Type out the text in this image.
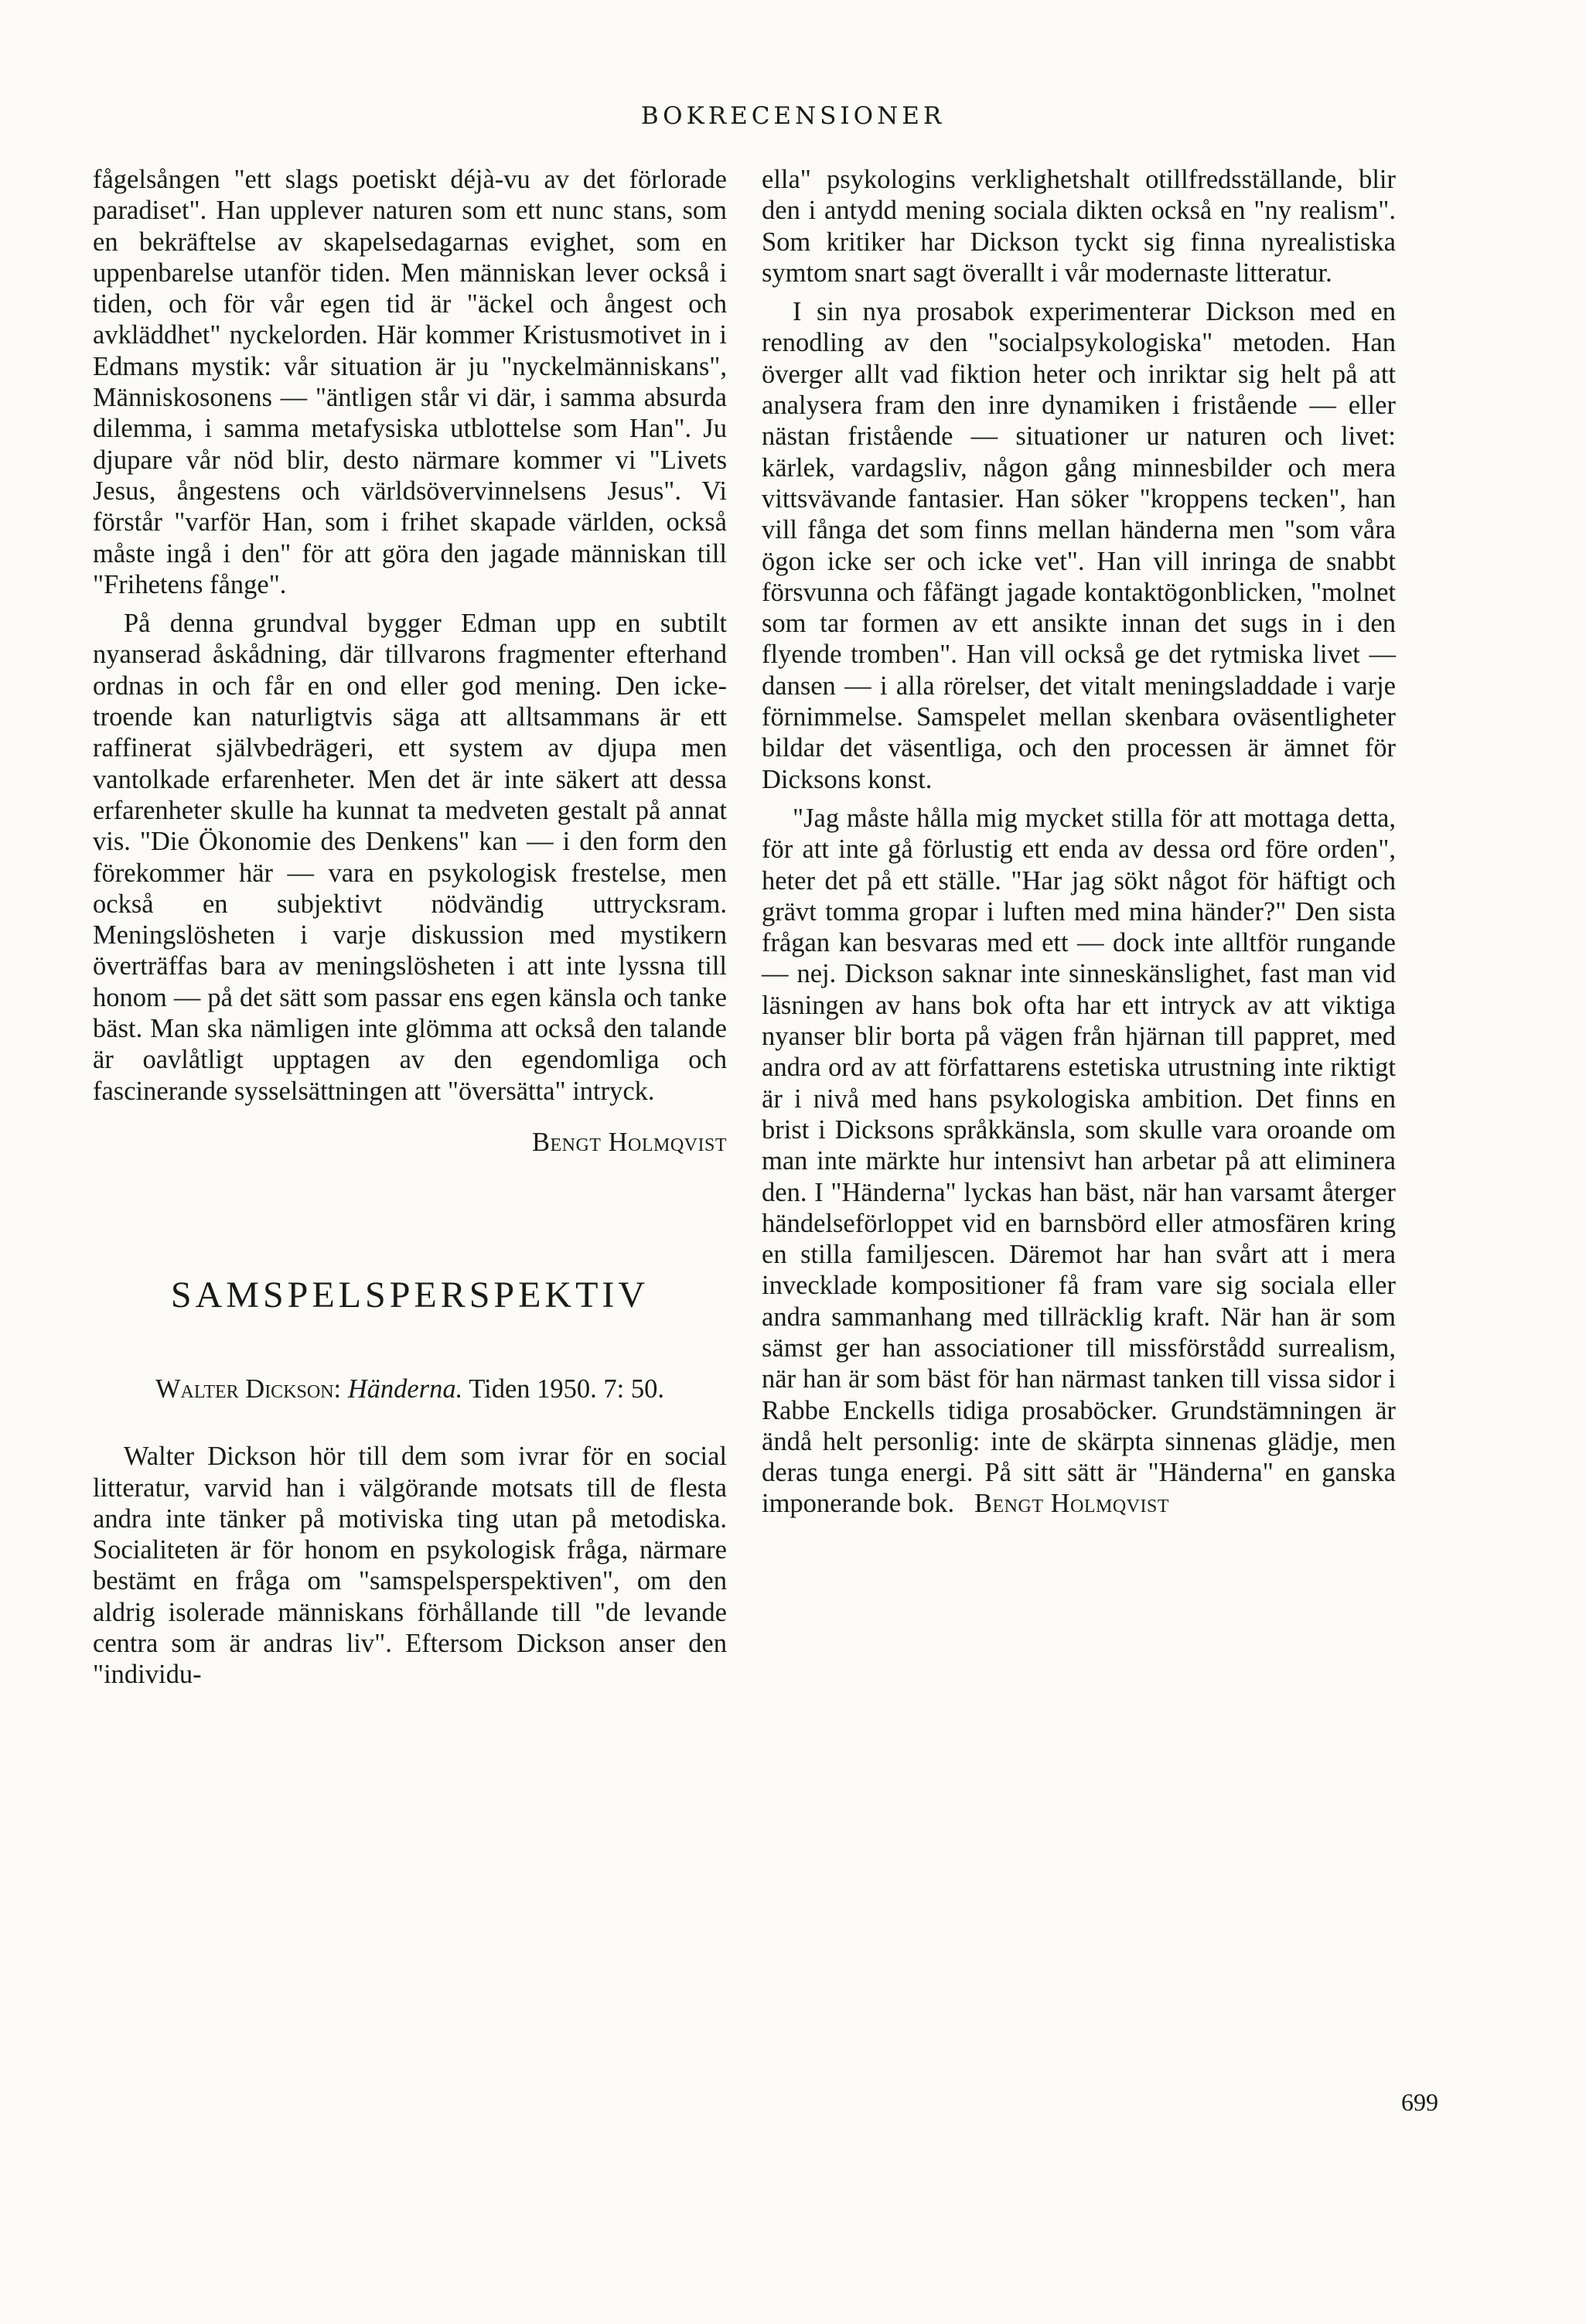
BOKRECENSIONER

fågelsången "ett slags poetiskt déjà-vu av det förlorade paradiset". Han upplever naturen som ett nunc stans, som en bekräftelse av skapelsedagarnas evighet, som en uppenbarelse utanför tiden. Men människan lever också i tiden, och för vår egen tid är "äckel och ångest och avkläddhet" nyckelorden. Här kommer Kristusmotivet in i Edmans mystik: vår situation är ju "nyckelmänniskans", Människosonens — "äntligen står vi där, i samma absurda dilemma, i samma metafysiska utblottelse som Han". Ju djupare vår nöd blir, desto närmare kommer vi "Livets Jesus, ångestens och världsövervinnelsens Jesus". Vi förstår "varför Han, som i frihet skapade världen, också måste ingå i den" för att göra den jagade människan till "Frihetens fånge".

På denna grundval bygger Edman upp en subtilt nyanserad åskådning, där tillvarons fragmenter efterhand ordnas in och får en ond eller god mening. Den icke-troende kan naturligtvis säga att alltsammans är ett raffinerat självbedrägeri, ett system av djupa men vantolkade erfarenheter. Men det är inte säkert att dessa erfarenheter skulle ha kunnat ta medveten gestalt på annat vis. "Die Ökonomie des Denkens" kan — i den form den förekommer här — vara en psykologisk frestelse, men också en subjektivt nödvändig uttrycksram. Meningslösheten i varje diskussion med mystikern överträffas bara av meningslösheten i att inte lyssna till honom — på det sätt som passar ens egen känsla och tanke bäst. Man ska nämligen inte glömma att också den talande är oavlåtligt upptagen av den egendomliga och fascinerande sysselsättningen att "översätta" intryck.

Bengt Holmqvist

SAMSPELSPERSPEKTIV

Walter Dickson: Händerna. Tiden 1950. 7: 50.

Walter Dickson hör till dem som ivrar för en social litteratur, varvid han i välgörande motsats till de flesta andra inte tänker på motiviska ting utan på metodiska. Socialiteten är för honom en psykologisk fråga, närmare bestämt en fråga om "samspelsperspektiven", om den aldrig isolerade människans förhållande till "de levande centra som är andras liv". Eftersom Dickson anser den "individu-

ella" psykologins verklighetshalt otillfredsställande, blir den i antydd mening sociala dikten också en "ny realism". Som kritiker har Dickson tyckt sig finna nyrealistiska symtom snart sagt överallt i vår modernaste litteratur.

I sin nya prosabok experimenterar Dickson med en renodling av den "socialpsykologiska" metoden. Han överger allt vad fiktion heter och inriktar sig helt på att analysera fram den inre dynamiken i fristående — eller nästan fristående — situationer ur naturen och livet: kärlek, vardagsliv, någon gång minnesbilder och mera vittsvävande fantasier. Han söker "kroppens tecken", han vill fånga det som finns mellan händerna men "som våra ögon icke ser och icke vet". Han vill inringa de snabbt försvunna och fåfängt jagade kontaktögonblicken, "molnet som tar formen av ett ansikte innan det sugs in i den flyende tromben". Han vill också ge det rytmiska livet — dansen — i alla rörelser, det vitalt meningsladdade i varje förnimmelse. Samspelet mellan skenbara oväsentligheter bildar det väsentliga, och den processen är ämnet för Dicksons konst.

"Jag måste hålla mig mycket stilla för att mottaga detta, för att inte gå förlustig ett enda av dessa ord före orden", heter det på ett ställe. "Har jag sökt något för häftigt och grävt tomma gropar i luften med mina händer?" Den sista frågan kan besvaras med ett — dock inte alltför rungande — nej. Dickson saknar inte sinneskänslighet, fast man vid läsningen av hans bok ofta har ett intryck av att viktiga nyanser blir borta på vägen från hjärnan till pappret, med andra ord av att författarens estetiska utrustning inte riktigt är i nivå med hans psykologiska ambition. Det finns en brist i Dicksons språkkänsla, som skulle vara oroande om man inte märkte hur intensivt han arbetar på att eliminera den. I "Händerna" lyckas han bäst, när han varsamt återger händelseförloppet vid en barnsbörd eller atmosfären kring en stilla familjescen. Däremot har han svårt att i mera invecklade kompositioner få fram vare sig sociala eller andra sammanhang med tillräcklig kraft. När han är som sämst ger han associationer till missförstådd surrealism, när han är som bäst för han närmast tanken till vissa sidor i Rabbe Enckells tidiga prosaböcker. Grundstämningen är ändå helt personlig: inte de skärpta sinnenas glädje, men deras tunga energi. På sitt sätt är "Händerna" en ganska imponerande bok. Bengt Holmqvist

699
